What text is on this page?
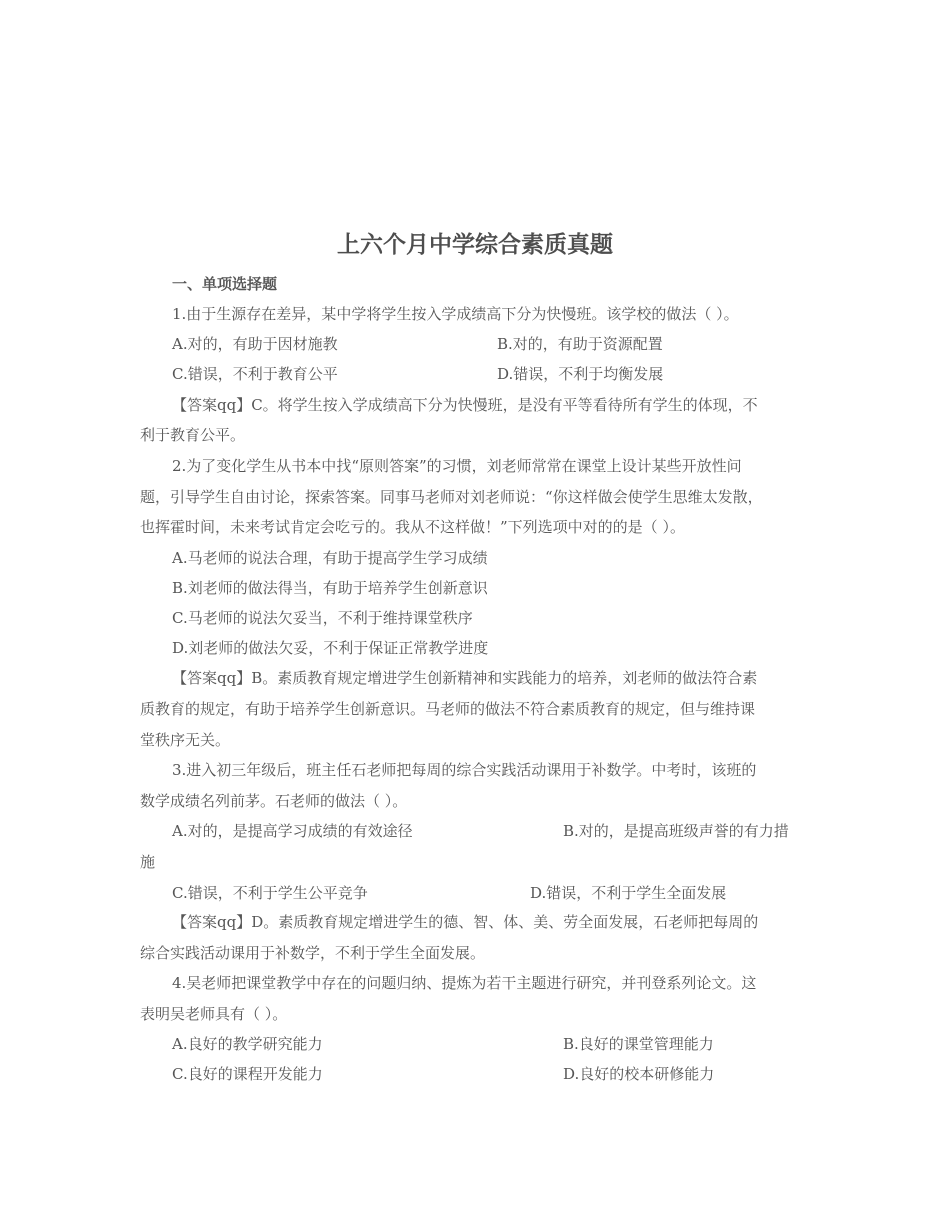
上六个月中学综合素质真题

一、单项选择题

1.由于生源存在差异，某中学将学生按入学成绩高下分为快慢班。该学校的做法（ ）。

A.对的，有助于因材施教	B.对的，有助于资源配置

C.错误，不利于教育公平	D.错误，不利于均衡发展

【答案qq】C。将学生按入学成绩高下分为快慢班，是没有平等看待所有学生的体现，不

利于教育公平。

2.为了变化学生从书本中找“原则答案”的习惯，刘老师常常在课堂上设计某些开放性问

题，引导学生自由讨论，探索答案。同事马老师对刘老师说：“你这样做会使学生思维太发散，

也挥霍时间，未来考试肯定会吃亏的。我从不这样做！”下列选项中对的的是（ ）。

A.马老师的说法合理，有助于提高学生学习成绩

B.刘老师的做法得当，有助于培养学生创新意识

C.马老师的说法欠妥当，不利于维持课堂秩序

D.刘老师的做法欠妥，不利于保证正常教学进度

【答案qq】B。素质教育规定增进学生创新精神和实践能力的培养，刘老师的做法符合素

质教育的规定，有助于培养学生创新意识。马老师的做法不符合素质教育的规定，但与维持课

堂秩序无关。

3.进入初三年级后，班主任石老师把每周的综合实践活动课用于补数学。中考时，该班的

数学成绩名列前茅。石老师的做法（ ）。

A.对的，是提高学习成绩的有效途径	B.对的，是提高班级声誉的有力措

施

C.错误，不利于学生公平竞争	D.错误，不利于学生全面发展

【答案qq】D。素质教育规定增进学生的德、智、体、美、劳全面发展，石老师把每周的

综合实践活动课用于补数学，不利于学生全面发展。

4.吴老师把课堂教学中存在的问题归纳、提炼为若干主题进行研究，并刊登系列论文。这

表明吴老师具有（ ）。

A.良好的教学研究能力	B.良好的课堂管理能力

C.良好的课程开发能力	D.良好的校本研修能力
